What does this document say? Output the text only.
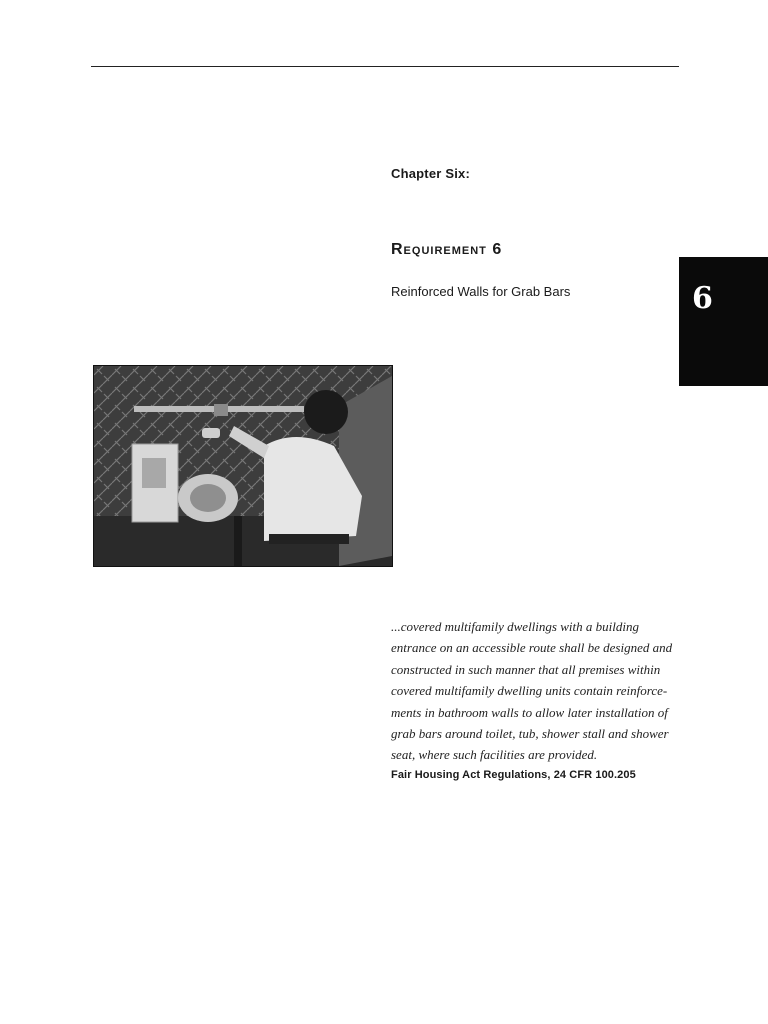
Chapter Six:
Requirement 6
Reinforced Walls for Grab Bars	6
...covered multifamily dwellings with a building entrance on an accessible route shall be designed and constructed in such manner that all premises within covered multifamily dwelling units contain reinforce-ments in bathroom walls to allow later installation of grab bars around toilet, tub, shower stall and shower seat, where such facilities are provided.
Fair Housing Act Regulations, 24 CFR 100.205
